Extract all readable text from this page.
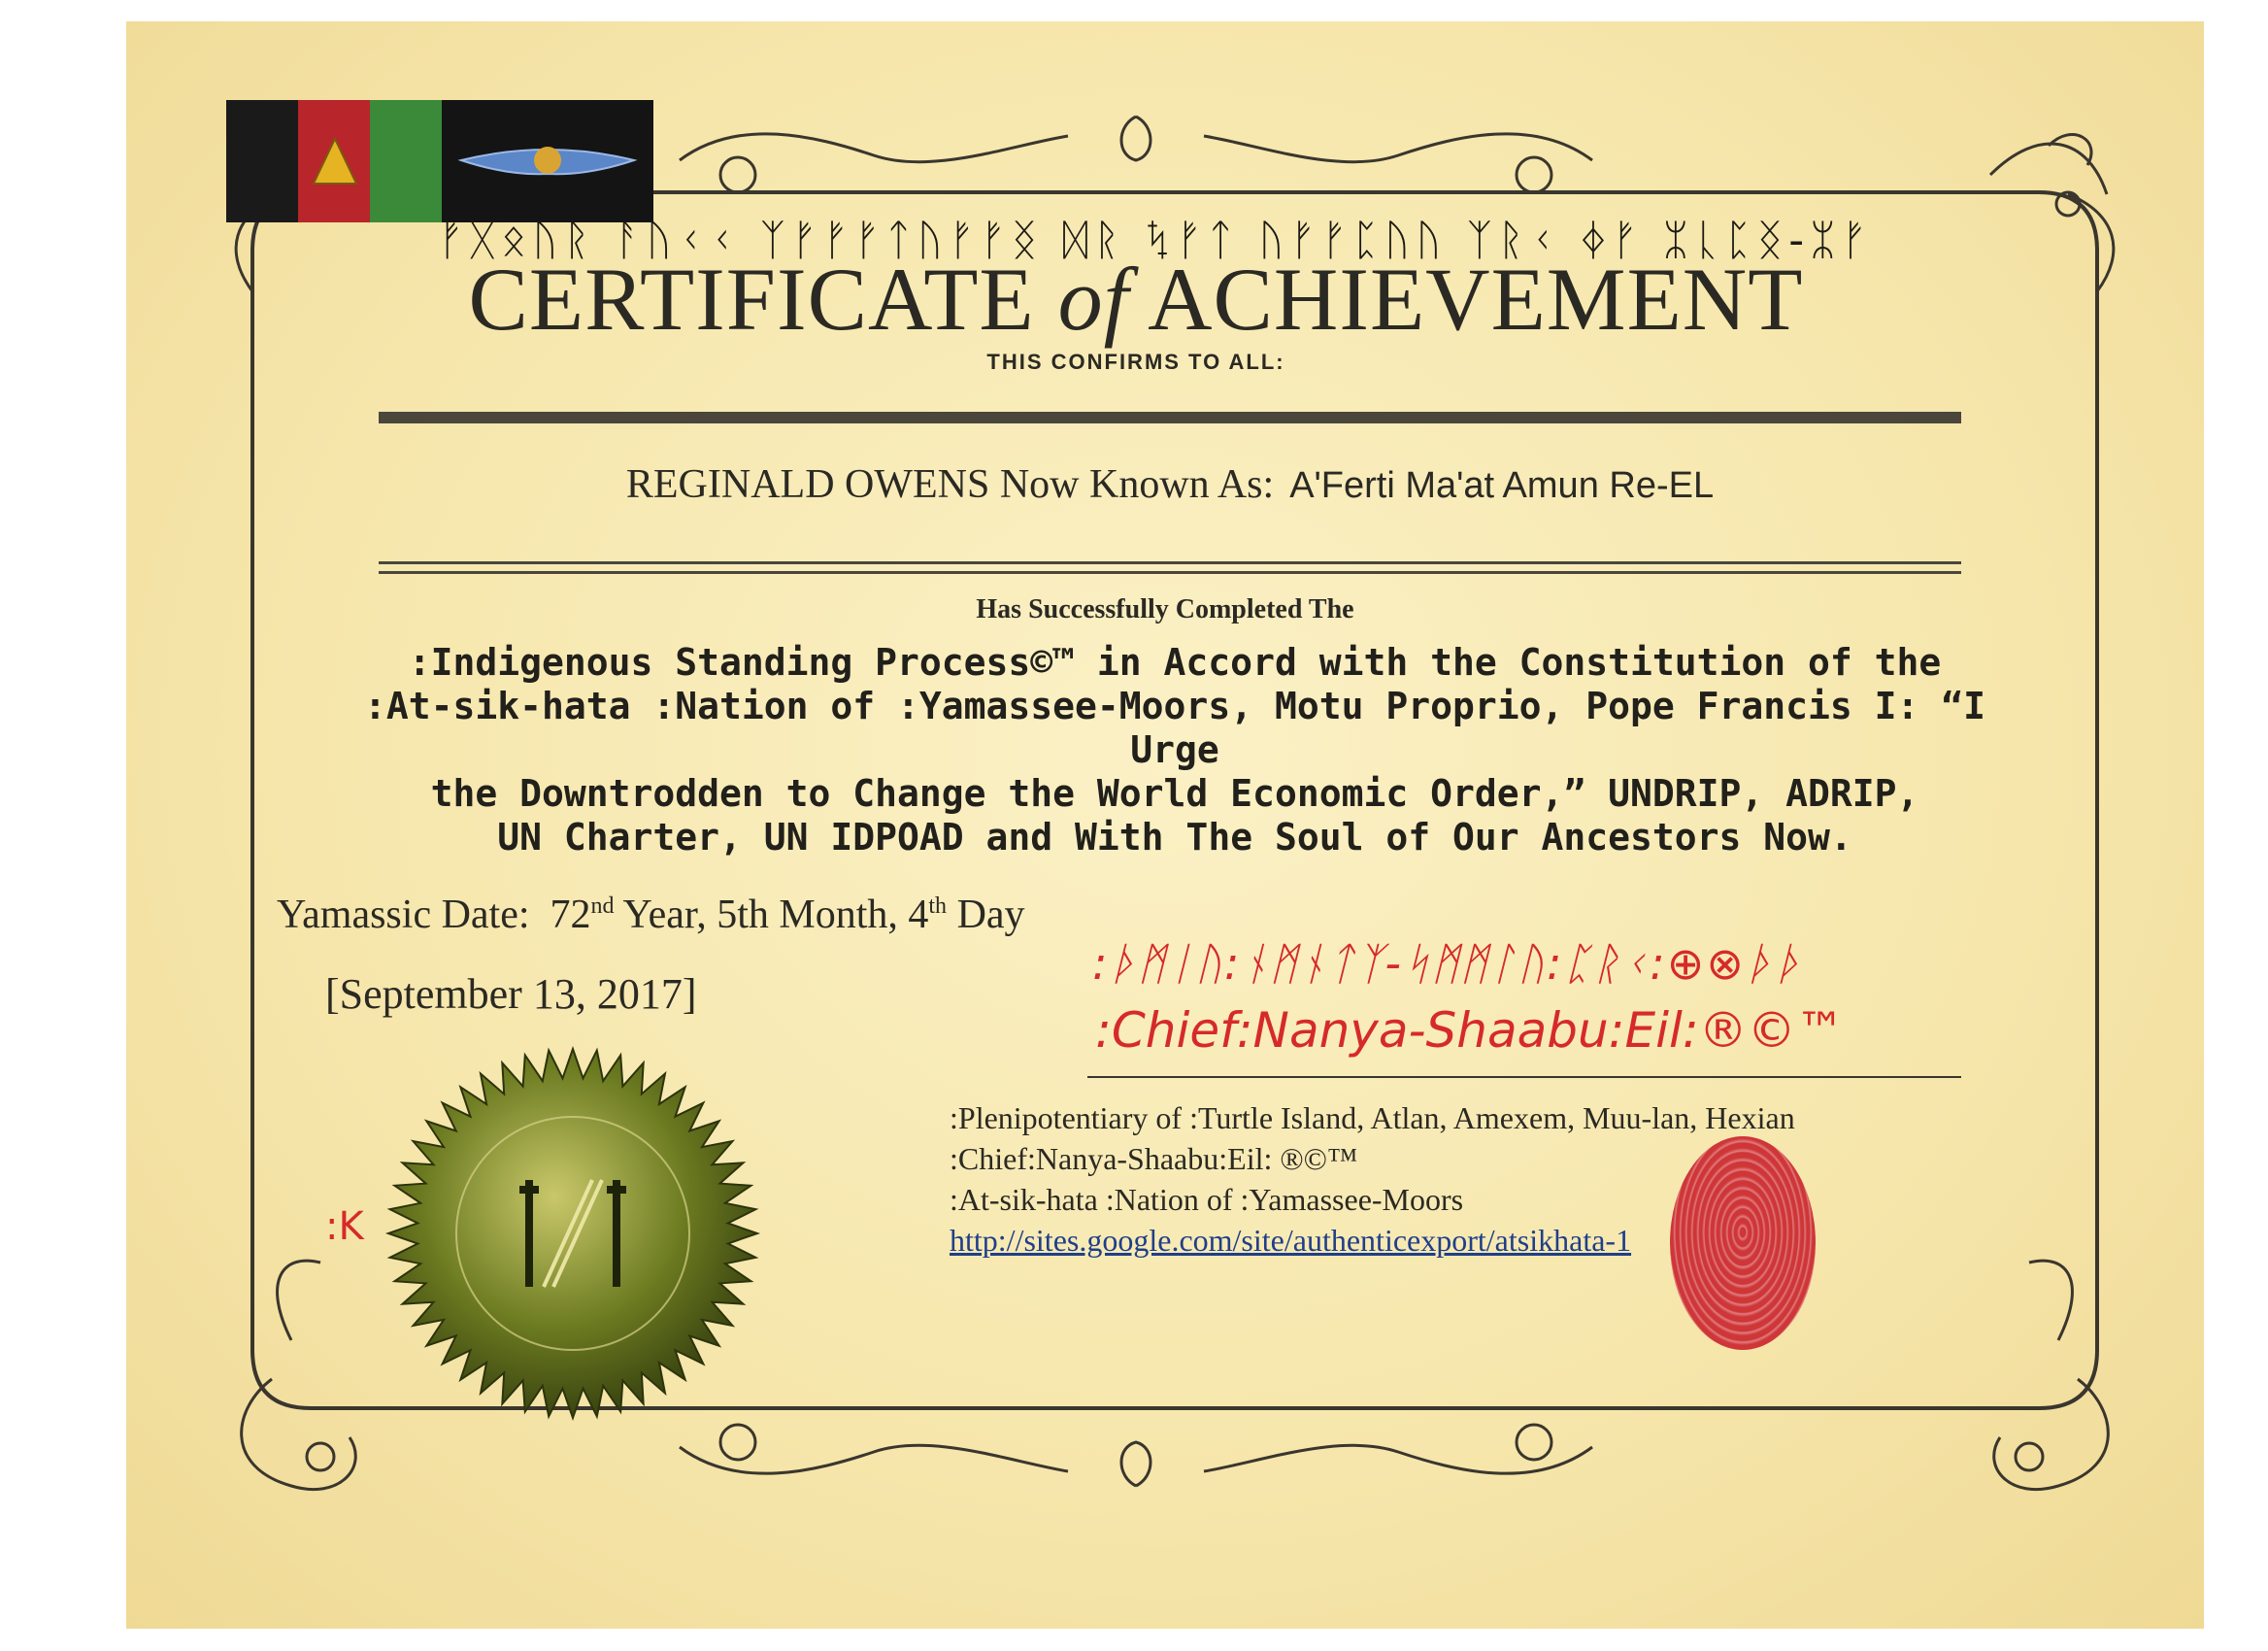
ᚠᚷᛟᚢᚱ ᚨᚢᚲᚲ ᛉᚠᚠᚠᛏᚢᚠᚠᛝ ᛞᚱ ᛪᚠᛏ ᚢᚠᚠᛈᚢᚢ ᛉᚱᚲ ᛄᚠ ᛯᚳᛈᛝ-ᛯᚠ
CERTIFICATE of ACHIEVEMENT
THIS CONFIRMS TO ALL:
REGINALD OWENS Now Known As: A'Ferti Ma'at Amun Re-EL
Has Successfully Completed The
:Indigenous Standing Process©™ in Accord with the Constitution of the
:At-sik-hata :Nation of :Yamassee-Moors, Motu Proprio, Pope Francis I: “I Urge
the Downtrodden to Change the World Economic Order,” UNDRIP, ADRIP,
UN Charter, UN IDPOAD and With The Soul of Our Ancestors Now.
Yamassic Date: 72nd Year, 5th Month, 4th Day
[September 13, 2017]
:ᚦᛗᛁᚢ:ᚾᛗᚾᛏᛉ-ᛋᛗᛗᛚᚢ:ᛈᚱᚲ:⊕⊗ᚦᚦ
:Chief:Nanya-Shaabu:Eil:®©™
:Plenipotentiary of :Turtle Island, Atlan, Amexem, Muu-lan, Hexian
:Chief:Nanya-Shaabu:Eil: ®©™
:At-sik-hata :Nation of :Yamassee-Moors
http://sites.google.com/site/authenticexport/atsikhata-1
:K
